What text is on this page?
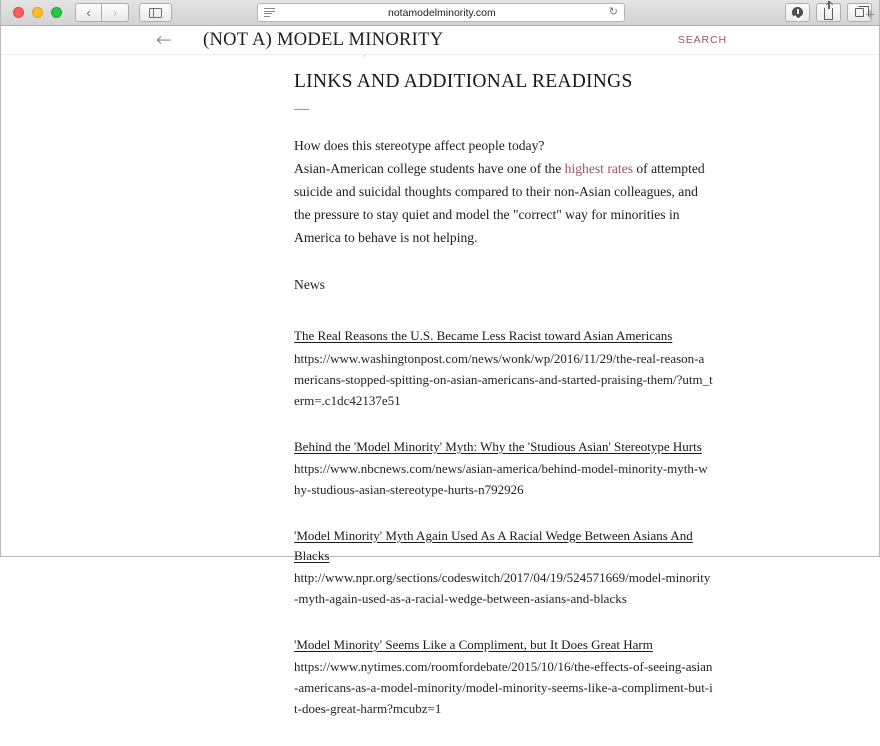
‹ ›	notamodelminority.com	↻	+
← (NOT A) MODEL MINORITY	SEARCH
LINKS AND ADDITIONAL READINGS
—

How does this stereotype affect people today?
Asian-American college students have one of the highest rates of attempted suicide and suicidal thoughts compared to their non-Asian colleagues, and the pressure to stay quiet and model the "correct" way for minorities in America to behave is not helping.

News

The Real Reasons the U.S. Became Less Racist toward Asian Americans
https://www.washingtonpost.com/news/wonk/wp/2016/11/29/the-real-reason-americans-stopped-spitting-on-asian-americans-and-started-praising-them/?utm_term=.c1dc42137e51
Behind the 'Model Minority' Myth: Why the 'Studious Asian' Stereotype Hurts
https://www.nbcnews.com/news/asian-america/behind-model-minority-myth-why-studious-asian-stereotype-hurts-n792926
'Model Minority' Myth Again Used As A Racial Wedge Between Asians And Blacks
http://www.npr.org/sections/codeswitch/2017/04/19/524571669/model-minority-myth-again-used-as-a-racial-wedge-between-asians-and-blacks
'Model Minority' Seems Like a Compliment, but It Does Great Harm
https://www.nytimes.com/roomfordebate/2015/10/16/the-effects-of-seeing-asian-americans-as-a-model-minority/model-minority-seems-like-a-compliment-but-it-does-great-harm?mcubz=1
